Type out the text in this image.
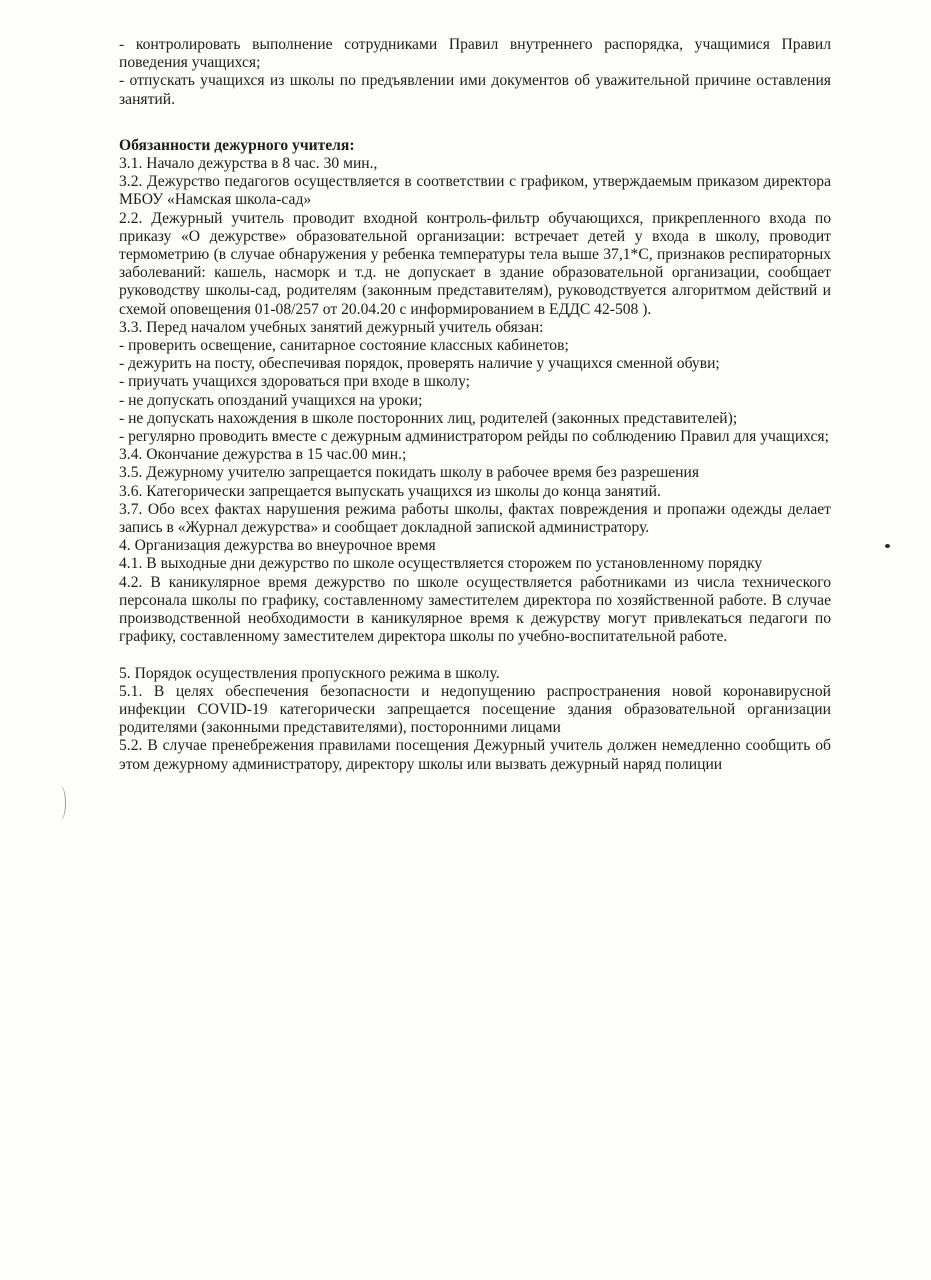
- контролировать выполнение сотрудниками Правил внутреннего распорядка, учащимися Правил поведения учащихся;

- отпускать учащихся из школы по предъявлении ими документов об уважительной причине оставления занятий.

Обязанности дежурного учителя:

3.1. Начало дежурства в 8 час. 30 мин.,

3.2. Дежурство педагогов осуществляется в соответствии с графиком, утверждаемым приказом директора МБОУ «Намская школа-сад»

2.2. Дежурный учитель проводит входной контроль-фильтр обучающихся, прикрепленного входа по приказу «О дежурстве» образовательной организации: встречает детей у входа в школу, проводит термометрию (в случае обнаружения у ребенка температуры тела выше 37,1*С, признаков респираторных заболеваний: кашель, насморк и т.д. не допускает в здание образовательной организации, сообщает руководству школы-сад, родителям (законным представителям), руководствуется алгоритмом действий и схемой оповещения 01-08/257 от 20.04.20 с информированием в ЕДДС 42-508 ).

3.3. Перед началом учебных занятий дежурный учитель обязан:

- проверить освещение, санитарное состояние классных кабинетов;

- дежурить на посту, обеспечивая порядок, проверять наличие у учащихся сменной обуви;

- приучать учащихся здороваться при входе в школу;

- не допускать опозданий учащихся на уроки;

- не допускать нахождения в школе посторонних лиц, родителей (законных представителей);

- регулярно проводить вместе с дежурным администратором рейды по соблюдению Правил для учащихся;

3.4. Окончание дежурства в 15 час.00 мин.;

3.5. Дежурному учителю запрещается покидать школу в рабочее время без разрешения

3.6. Категорически запрещается выпускать учащихся из школы до конца занятий.

3.7. Обо всех фактах нарушения режима работы школы, фактах повреждения и пропажи одежды делает запись в «Журнал дежурства» и сообщает докладной запиской администратору.

4. Организация дежурства во внеурочное время

4.1. В выходные дни дежурство по школе осуществляется сторожем по установленному порядку

4.2. В каникулярное время дежурство по школе осуществляется работниками из числа технического персонала школы по графику, составленному заместителем директора по хозяйственной работе. В случае производственной необходимости в каникулярное время к дежурству могут привлекаться педагоги по графику, составленному заместителем директора школы по учебно-воспитательной работе.

5. Порядок осуществления пропускного режима в школу.

5.1. В целях обеспечения безопасности и недопущению распространения новой коронавирусной инфекции COVID-19 категорически запрещается посещение здания образовательной организации родителями (законными представителями), посторонними лицами

5.2. В случае пренебрежения правилами посещения Дежурный учитель должен немедленно сообщить об этом дежурному администратору, директору школы или вызвать дежурный наряд полиции
